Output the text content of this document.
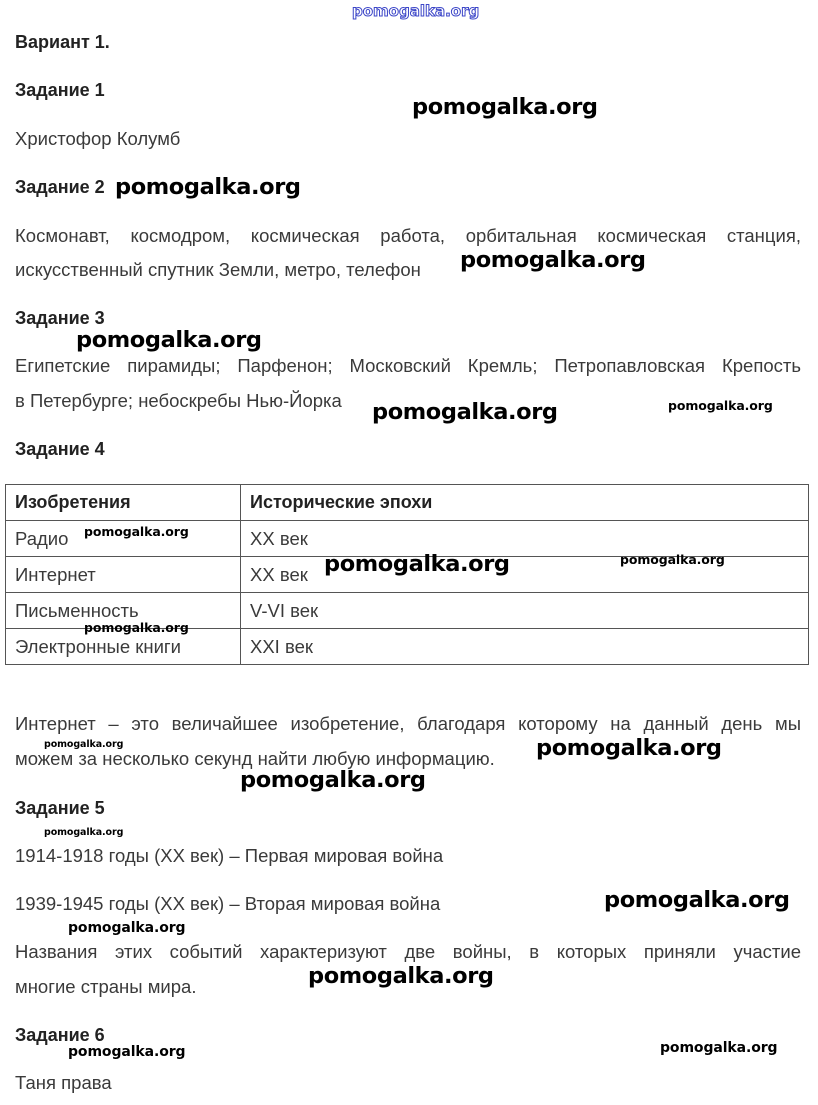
pomogalka.org
Вариант 1.
Задание 1
Христофор Колумб
Задание 2
Космонавт, космодром, космическая работа, орбитальная космическая станция,
искусственный спутник Земли, метро, телефон
Задание 3
Египетские пирамиды; Парфенон; Московский Кремль; Петропавловская Крепость
в Петербурге; небоскребы Нью-Йорка
Задание 4
Изобретения	Исторические эпохи
Радио	XX век
Интернет	XX век
Письменность	V-VI век
Электронные книги	XXI век
Интернет – это величайшее изобретение, благодаря которому на данный день мы
можем за несколько секунд найти любую информацию.
Задание 5
1914-1918 годы (XX век) – Первая мировая война
1939-1945 годы (XX век) – Вторая мировая война
Названия этих событий характеризуют две войны, в которых приняли участие
многие страны мира.
Задание 6
Таня права
pomogalka.org
pomogalka.org
pomogalka.org
pomogalka.org
pomogalka.org	pomogalka.org
pomogalka.org
pomogalka.org	pomogalka.org
pomogalka.org
pomogalka.org	pomogalka.org
pomogalka.org
pomogalka.org
pomogalka.org
pomogalka.org
pomogalka.org
pomogalka.org	pomogalka.org
